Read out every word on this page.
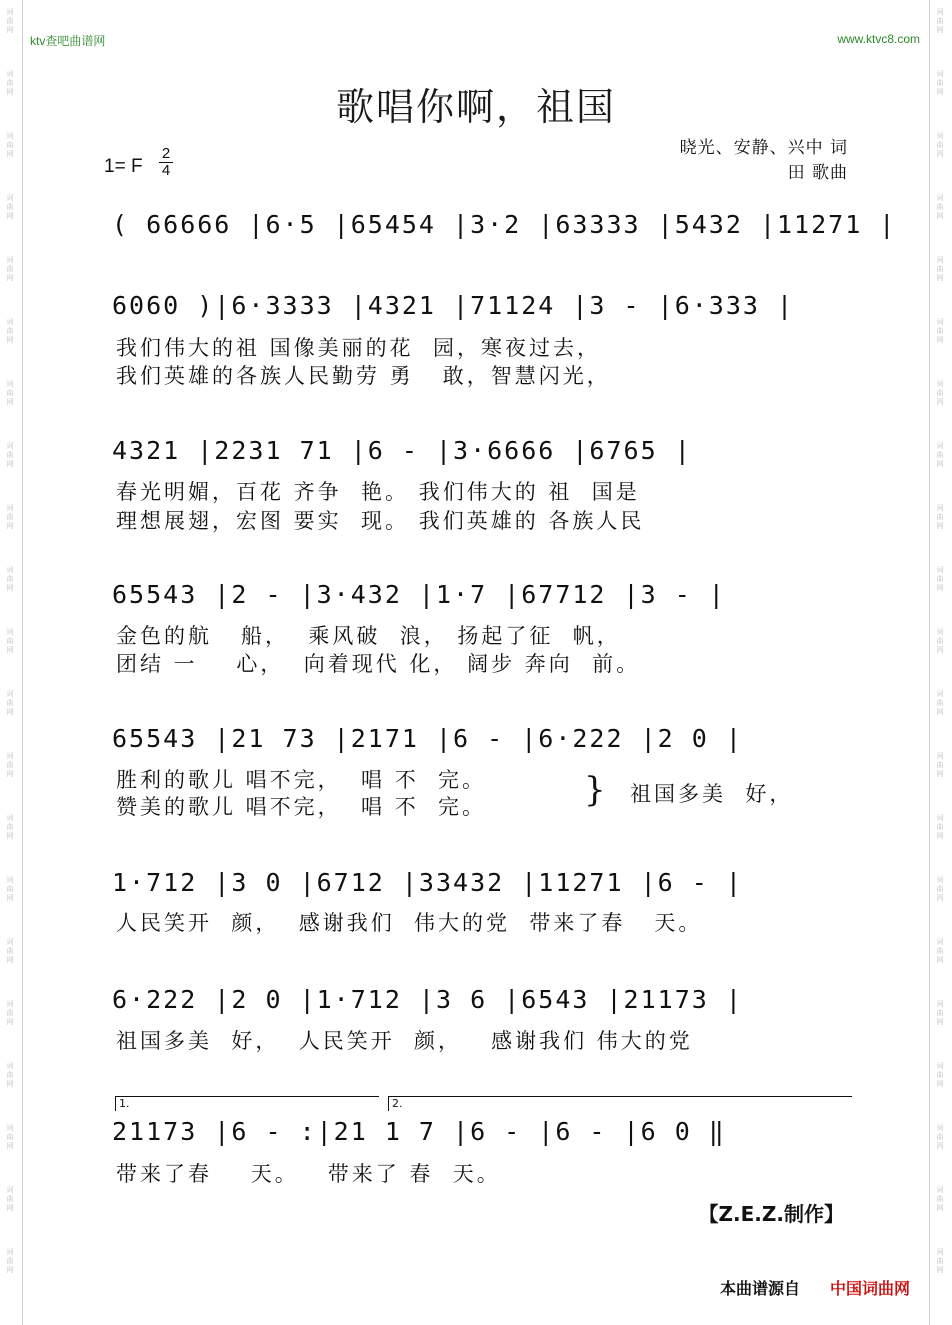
词
曲
网
词
曲
网
词
曲
网
词
曲
网
词
曲
网
词
曲
网
词
曲
网
词
曲
网
词
曲
网
词
曲
网
词
曲
网
词
曲
网
词
曲
网
词
曲
网
词
曲
网
词
曲
网
词
曲
网
词
曲
网
词
曲
网
词
曲
网
词
曲
网
词
曲
网
词
曲
网
词
曲
网
词
曲
网
词
曲
网
词
曲
网
词
曲
网
词
曲
网
词
曲
网
词
曲
网
词
曲
网
词
曲
网
词
曲
网
词
曲
网
词
曲
网
词
曲
网
词
曲
网
词
曲
网
词
曲
网
词
曲
网
词
曲
网
ktv查吧曲谱网	www.ktvc8.com
歌唱你啊，祖国
晓光、安静、兴中 词
田 歌曲
1= F
2
4
( 66666 |6·5 |65454 |3·2 |63333 |5432 |11271 |
6060 )|6·3333 |4321 |71124 |3 - |6·333 |
我们伟大的祖 国像美丽的花  园，寒夜过去，
我们英雄的各族人民勤劳 勇   敢，智慧闪光，
4321 |2231 71 |6 - |3·6666 |6765 |
春光明媚，百花 齐争  艳。 我们伟大的 祖  国是
理想展翅，宏图 要实  现。 我们英雄的 各族人民
65543 |2 - |3·432 |1·7 |67712 |3 - |
金色的航   船，  乘风破  浪， 扬起了征  帆，
团结 一    心，  向着现代 化， 阔步 奔向  前。
65543 |21 73 |2171 |6 - |6·222 |2 0 |
胜利的歌儿 唱不完，  唱 不  完。
赞美的歌儿 唱不完，  唱 不  完。	} 祖国多美  好，
1·712 |3 0 |6712 |33432 |11271 |6 - |
人民笑开  颜，  感谢我们  伟大的党  带来了春   天。
6·222 |2 0 |1·712 |3 6 |6543 |21173 |
祖国多美  好，  人民笑开  颜，   感谢我们 伟大的党
1.	2.
21173 |6 - :|21 1 7 |6 - |6 - |6 0 ‖
带来了春    天。   带来了 春  天。
【Z.E.Z.制作】
本曲谱源自 中国词曲网
